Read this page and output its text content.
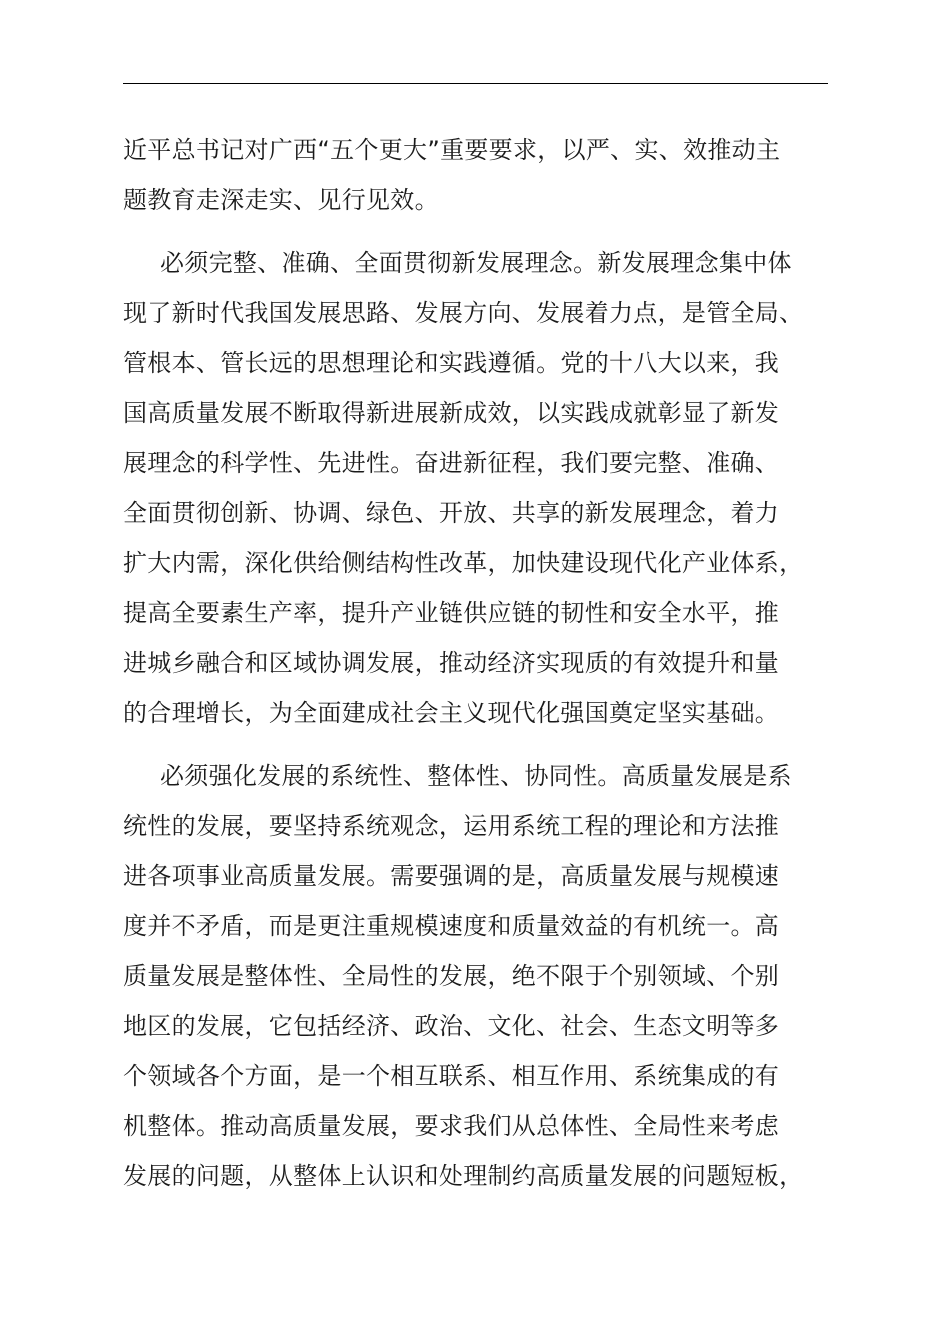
近平总书记对广西“五个更大”重要要求，以严、实、效推动主
题教育走深走实、见行见效。
必须完整、准确、全面贯彻新发展理念。新发展理念集中体
现了新时代我国发展思路、发展方向、发展着力点，是管全局、
管根本、管长远的思想理论和实践遵循。党的十八大以来，我
国高质量发展不断取得新进展新成效，以实践成就彰显了新发
展理念的科学性、先进性。奋进新征程，我们要完整、准确、
全面贯彻创新、协调、绿色、开放、共享的新发展理念，着力
扩大内需，深化供给侧结构性改革，加快建设现代化产业体系，
提高全要素生产率，提升产业链供应链的韧性和安全水平，推
进城乡融合和区域协调发展，推动经济实现质的有效提升和量
的合理增长，为全面建成社会主义现代化强国奠定坚实基础。
必须强化发展的系统性、整体性、协同性。高质量发展是系
统性的发展，要坚持系统观念，运用系统工程的理论和方法推
进各项事业高质量发展。需要强调的是，高质量发展与规模速
度并不矛盾，而是更注重规模速度和质量效益的有机统一。高
质量发展是整体性、全局性的发展，绝不限于个别领域、个别
地区的发展，它包括经济、政治、文化、社会、生态文明等多
个领域各个方面，是一个相互联系、相互作用、系统集成的有
机整体。推动高质量发展，要求我们从总体性、全局性来考虑
发展的问题，从整体上认识和处理制约高质量发展的问题短板，
